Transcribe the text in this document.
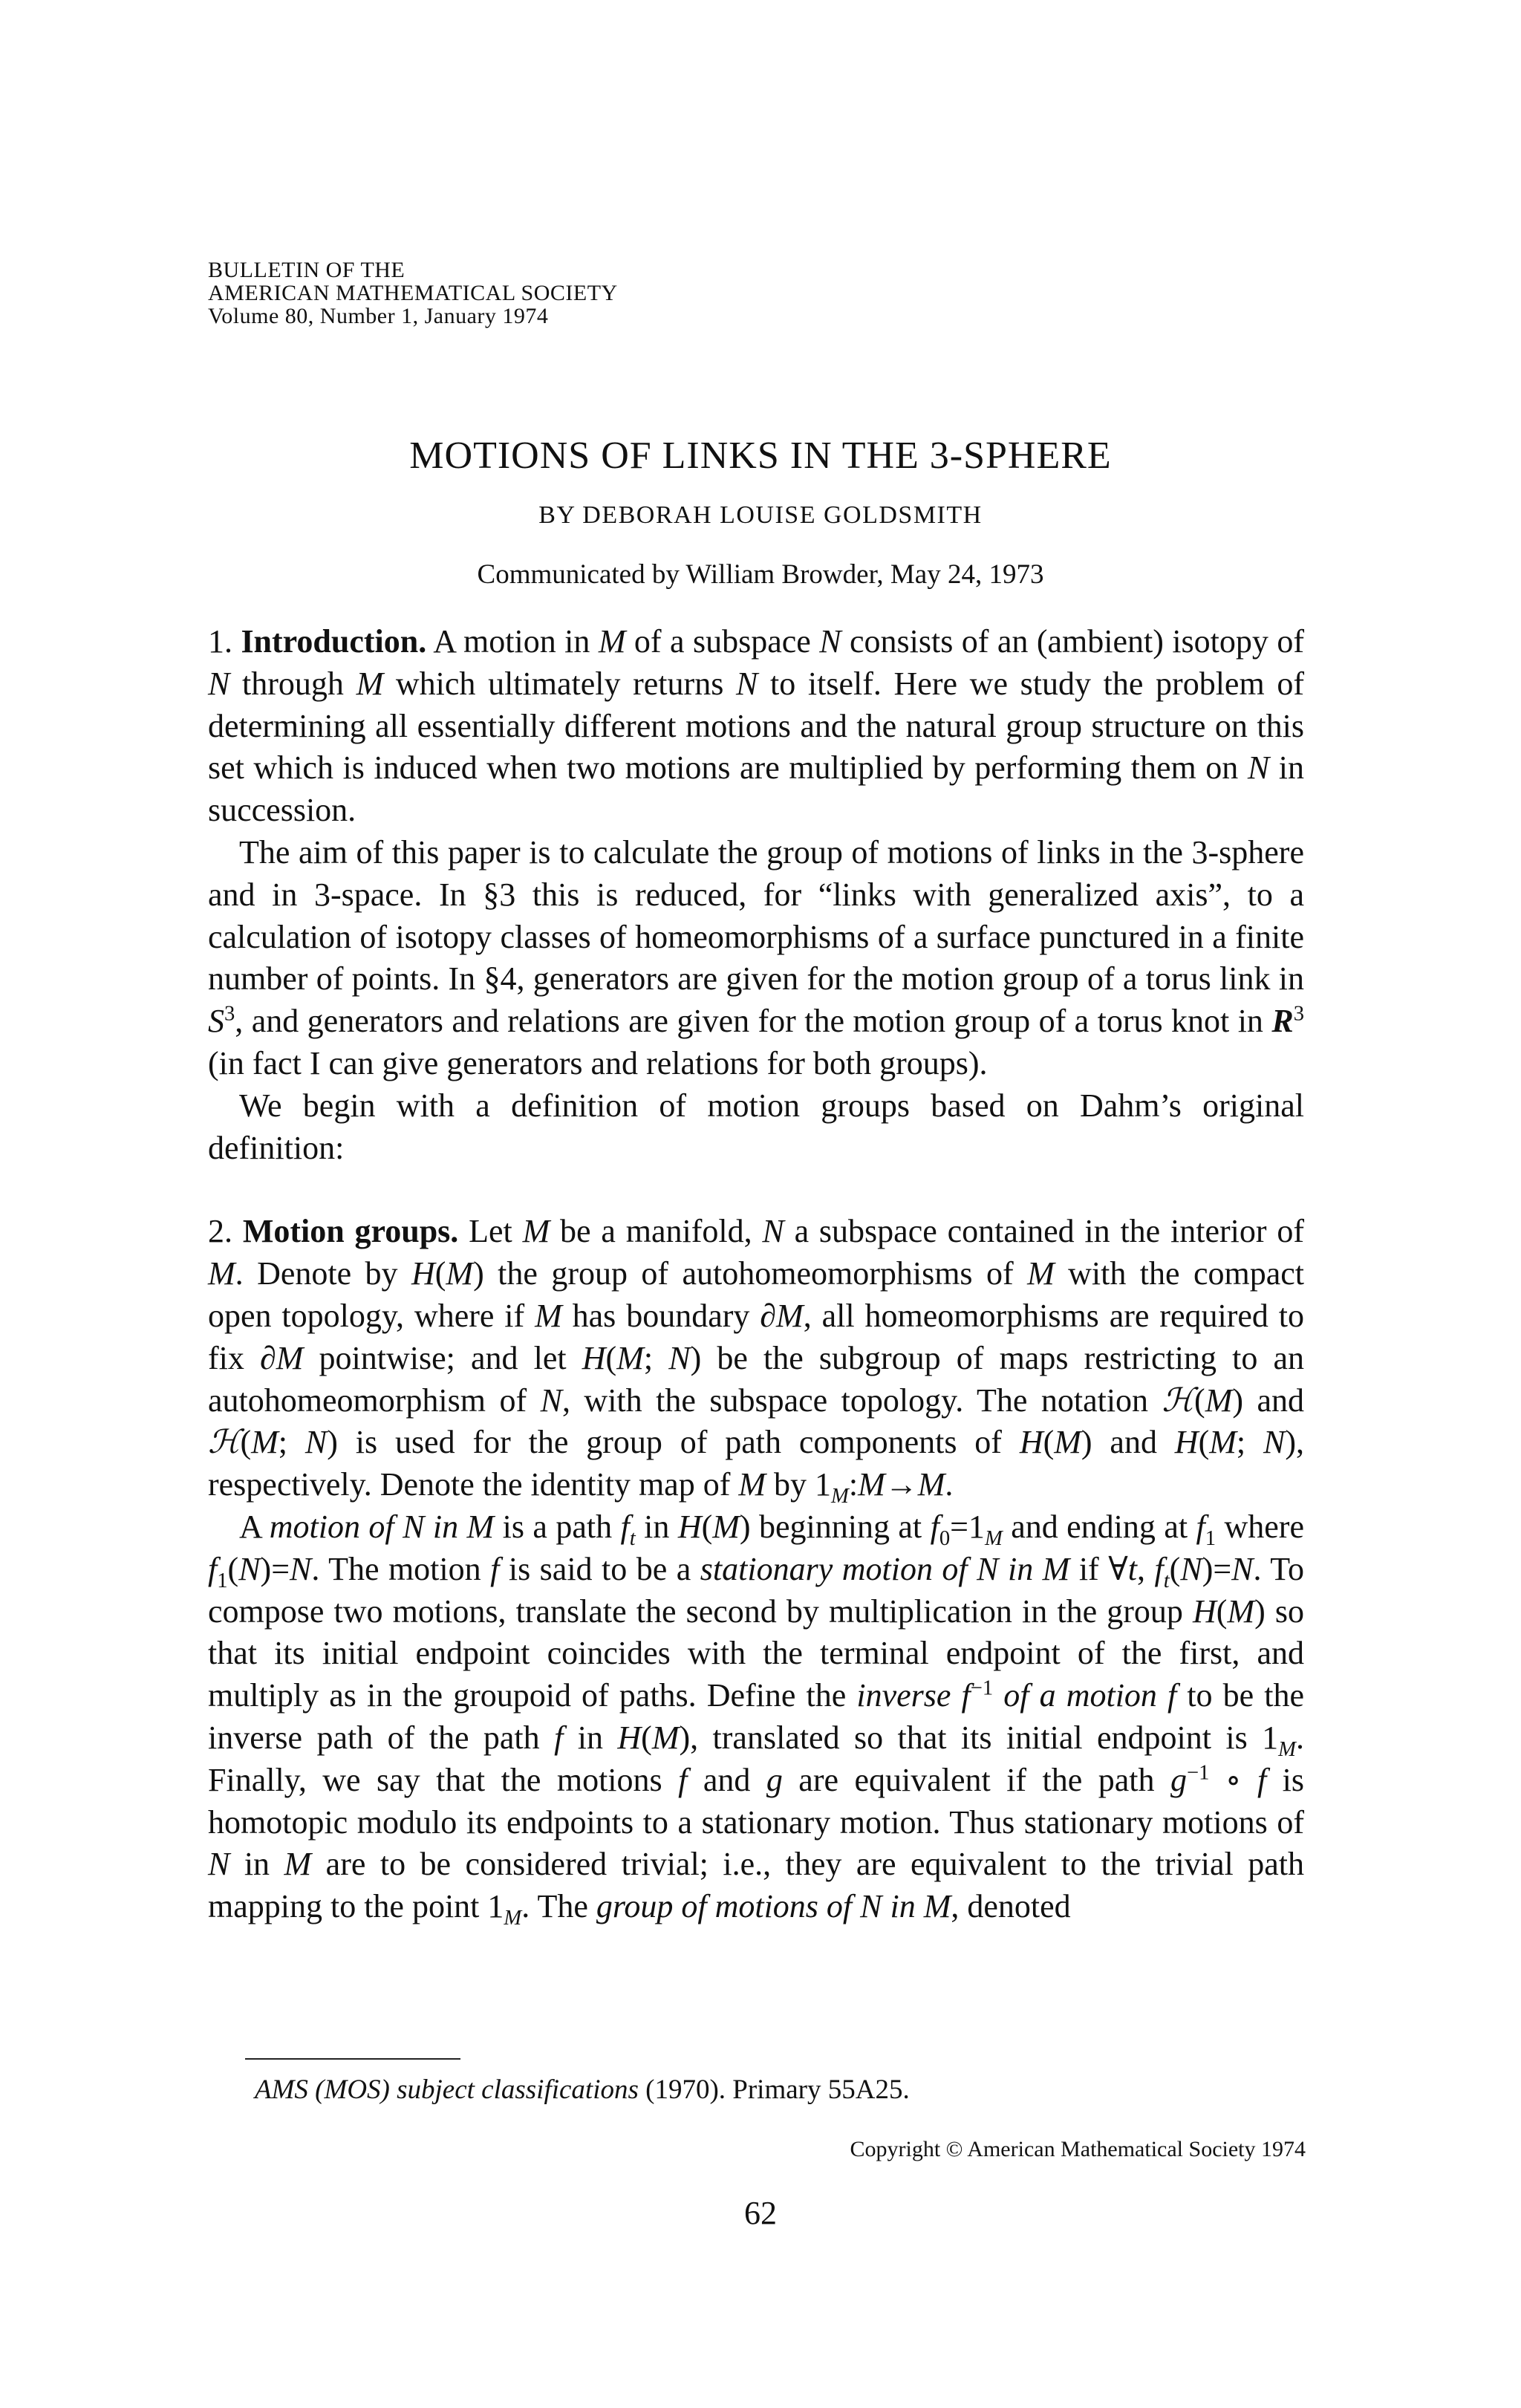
BULLETIN OF THE
AMERICAN MATHEMATICAL SOCIETY
Volume 80, Number 1, January 1974
MOTIONS OF LINKS IN THE 3-SPHERE
BY DEBORAH LOUISE GOLDSMITH
Communicated by William Browder, May 24, 1973

1. Introduction. A motion in M of a subspace N consists of an (ambient) isotopy of N through M which ultimately returns N to itself. Here we study the problem of determining all essentially different motions and the natural group structure on this set which is induced when two motions are multiplied by performing them on N in succession.

The aim of this paper is to calculate the group of motions of links in the 3-sphere and in 3-space. In §3 this is reduced, for “links with generalized axis”, to a calculation of isotopy classes of homeomorphisms of a surface punctured in a finite number of points. In §4, generators are given for the motion group of a torus link in $S^3$, and generators and relations are given for the motion group of a torus knot in $R^3$ (in fact I can give generators and relations for both groups).

We begin with a definition of motion groups based on Dahm’s original definition:

2. Motion groups. Let M be a manifold, N a subspace contained in the interior of M. Denote by H(M) the group of autohomeomorphisms of M with the compact open topology, where if M has boundary ∂M, all homeomorphisms are required to fix ∂M pointwise; and let H(M; N) be the subgroup of maps restricting to an autohomeomorphism of N, with the subspace topology. The notation ℋ(M) and ℋ(M; N) is used for the group of path components of H(M) and H(M; N), respectively. Denote the identity map of M by $1_M:M\to M$.

A motion of N in M is a path $f_t$ in H(M) beginning at $f_0=1_M$ and ending at $f_1$ where $f_1(N)=N$. The motion f is said to be a stationary motion of N in M if ∀t, $f_t(N)=N$. To compose two motions, translate the second by multiplication in the group H(M) so that its initial endpoint coincides with the terminal endpoint of the first, and multiply as in the groupoid of paths. Define the inverse $f^{-1}$ of a motion f to be the inverse path of the path f in H(M), translated so that its initial endpoint is $1_M$. Finally, we say that the motions f and g are equivalent if the path $g^{-1}$ ∘ f is homotopic modulo its endpoints to a stationary motion. Thus stationary motions of N in M are to be considered trivial; i.e., they are equivalent to the trivial path mapping to the point $1_M$. The group of motions of N in M, denoted

AMS (MOS) subject classifications (1970). Primary 55A25.
Copyright © American Mathematical Society 1974
62
